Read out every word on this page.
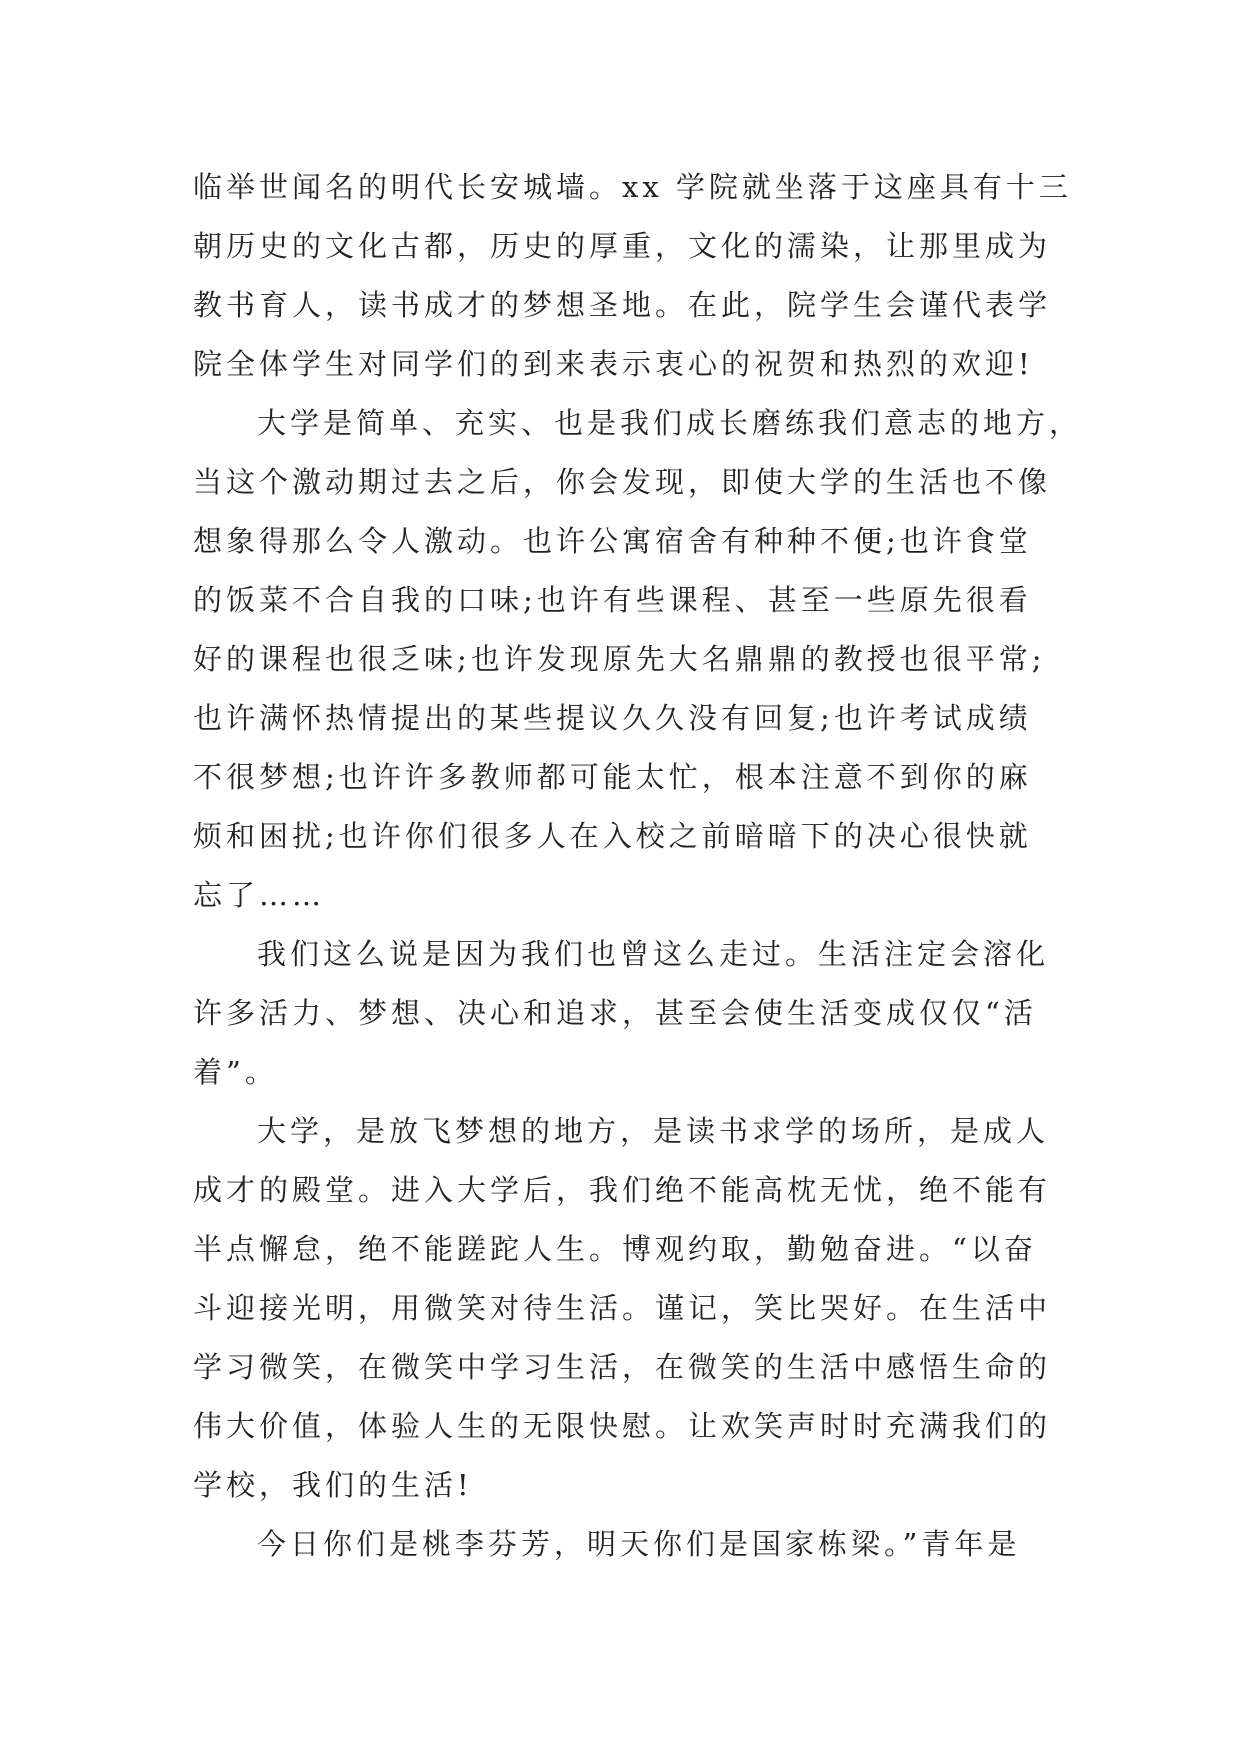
临举世闻名的明代长安城墙。xx 学院就坐落于这座具有十三
朝历史的文化古都，历史的厚重，文化的濡染，让那里成为
教书育人，读书成才的梦想圣地。在此，院学生会谨代表学
院全体学生对同学们的到来表示衷心的祝贺和热烈的欢迎!
大学是简单、充实、也是我们成长磨练我们意志的地方，
当这个激动期过去之后，你会发现，即使大学的生活也不像
想象得那么令人激动。也许公寓宿舍有种种不便;也许食堂
的饭菜不合自我的口味;也许有些课程、甚至一些原先很看
好的课程也很乏味;也许发现原先大名鼎鼎的教授也很平常;
也许满怀热情提出的某些提议久久没有回复;也许考试成绩
不很梦想;也许许多教师都可能太忙，根本注意不到你的麻
烦和困扰;也许你们很多人在入校之前暗暗下的决心很快就
忘了……
我们这么说是因为我们也曾这么走过。生活注定会溶化
许多活力、梦想、决心和追求，甚至会使生活变成仅仅“活
着”。
大学，是放飞梦想的地方，是读书求学的场所，是成人
成才的殿堂。进入大学后，我们绝不能高枕无忧，绝不能有
半点懈怠，绝不能蹉跎人生。博观约取，勤勉奋进。“以奋
斗迎接光明，用微笑对待生活。谨记，笑比哭好。在生活中
学习微笑，在微笑中学习生活，在微笑的生活中感悟生命的
伟大价值，体验人生的无限快慰。让欢笑声时时充满我们的
学校，我们的生活!
今日你们是桃李芬芳，明天你们是国家栋梁。”青年是
